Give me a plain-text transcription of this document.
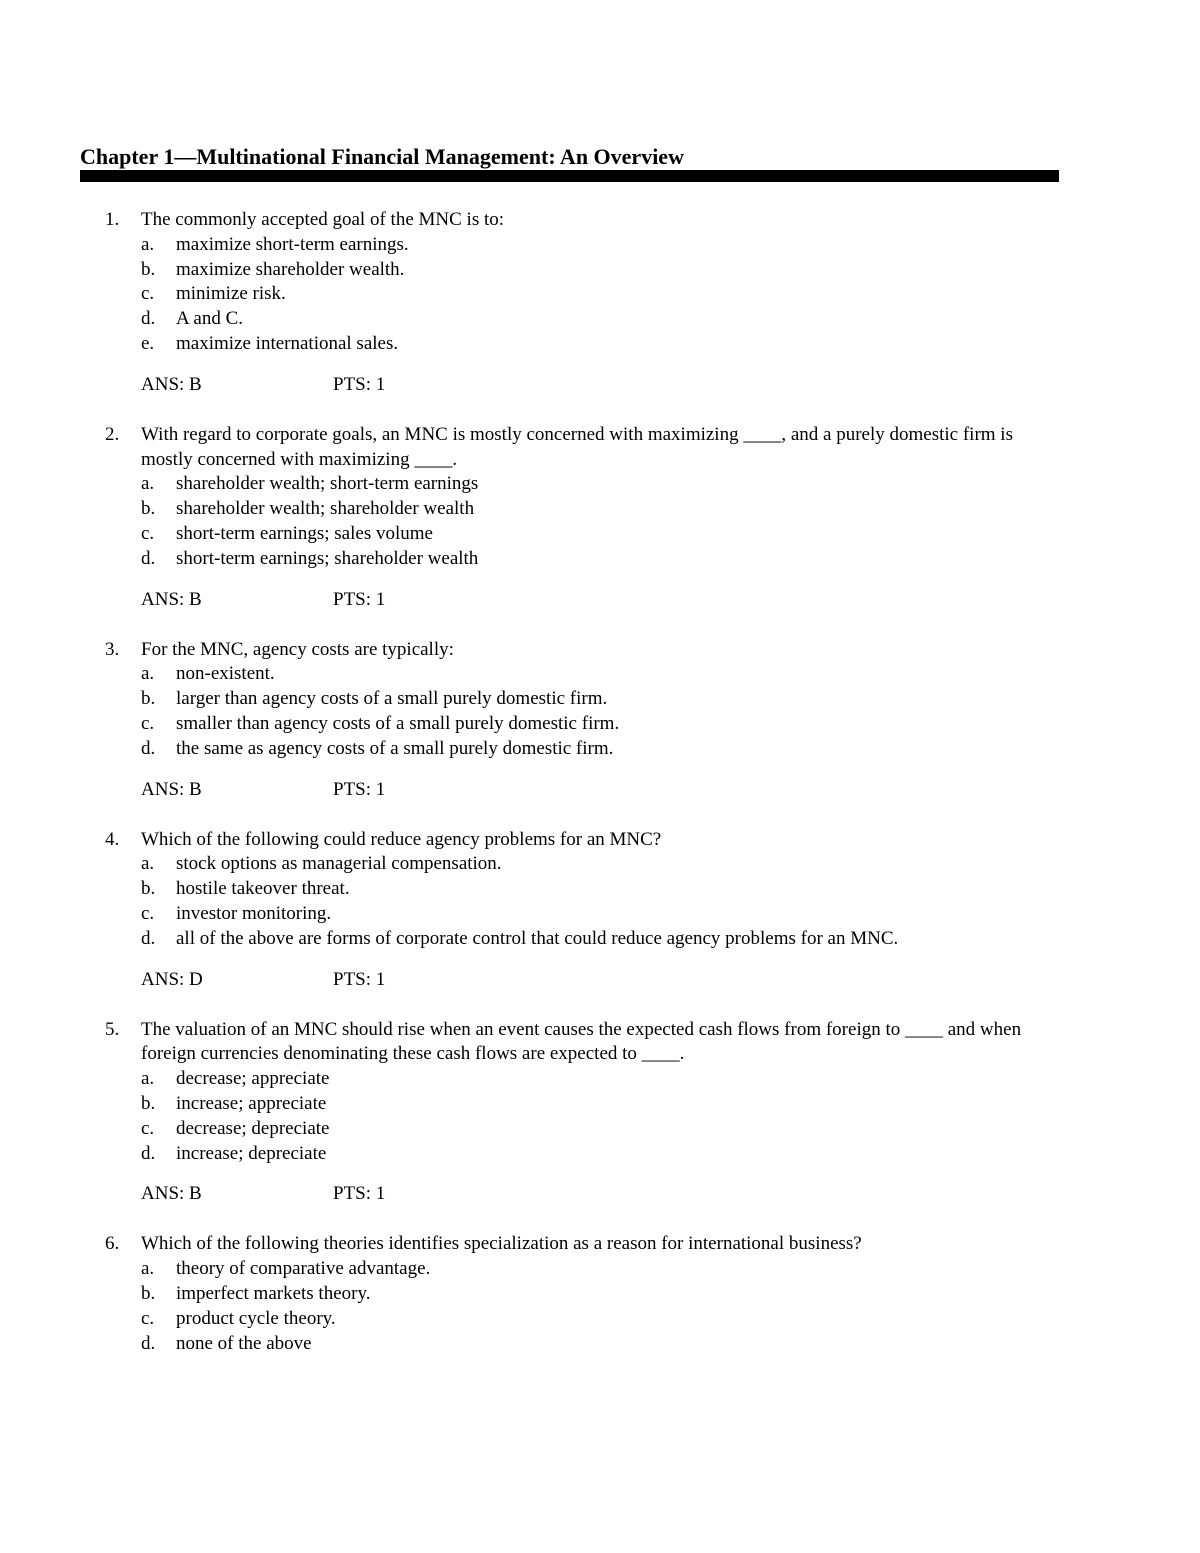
Chapter 1—Multinational Financial Management: An Overview
1.	The commonly accepted goal of the MNC is to:
a.	maximize short-term earnings.
b.	maximize shareholder wealth.
c.	minimize risk.
d.	A and C.
e.	maximize international sales.
ANS: B	PTS: 1
2.	With regard to corporate goals, an MNC is mostly concerned with maximizing ____, and a purely domestic firm is mostly concerned with maximizing ____.
a.	shareholder wealth; short-term earnings
b.	shareholder wealth; shareholder wealth
c.	short-term earnings; sales volume
d.	short-term earnings; shareholder wealth
ANS: B	PTS: 1
3.	For the MNC, agency costs are typically:
a.	non-existent.
b.	larger than agency costs of a small purely domestic firm.
c.	smaller than agency costs of a small purely domestic firm.
d.	the same as agency costs of a small purely domestic firm.
ANS: B	PTS: 1
4.	Which of the following could reduce agency problems for an MNC?
a.	stock options as managerial compensation.
b.	hostile takeover threat.
c.	investor monitoring.
d.	all of the above are forms of corporate control that could reduce agency problems for an MNC.
ANS: D	PTS: 1
5.	The valuation of an MNC should rise when an event causes the expected cash flows from foreign to ____ and when foreign currencies denominating these cash flows are expected to ____.
a.	decrease; appreciate
b.	increase; appreciate
c.	decrease; depreciate
d.	increase; depreciate
ANS: B	PTS: 1
6.	Which of the following theories identifies specialization as a reason for international business?
a.	theory of comparative advantage.
b.	imperfect markets theory.
c.	product cycle theory.
d.	none of the above
